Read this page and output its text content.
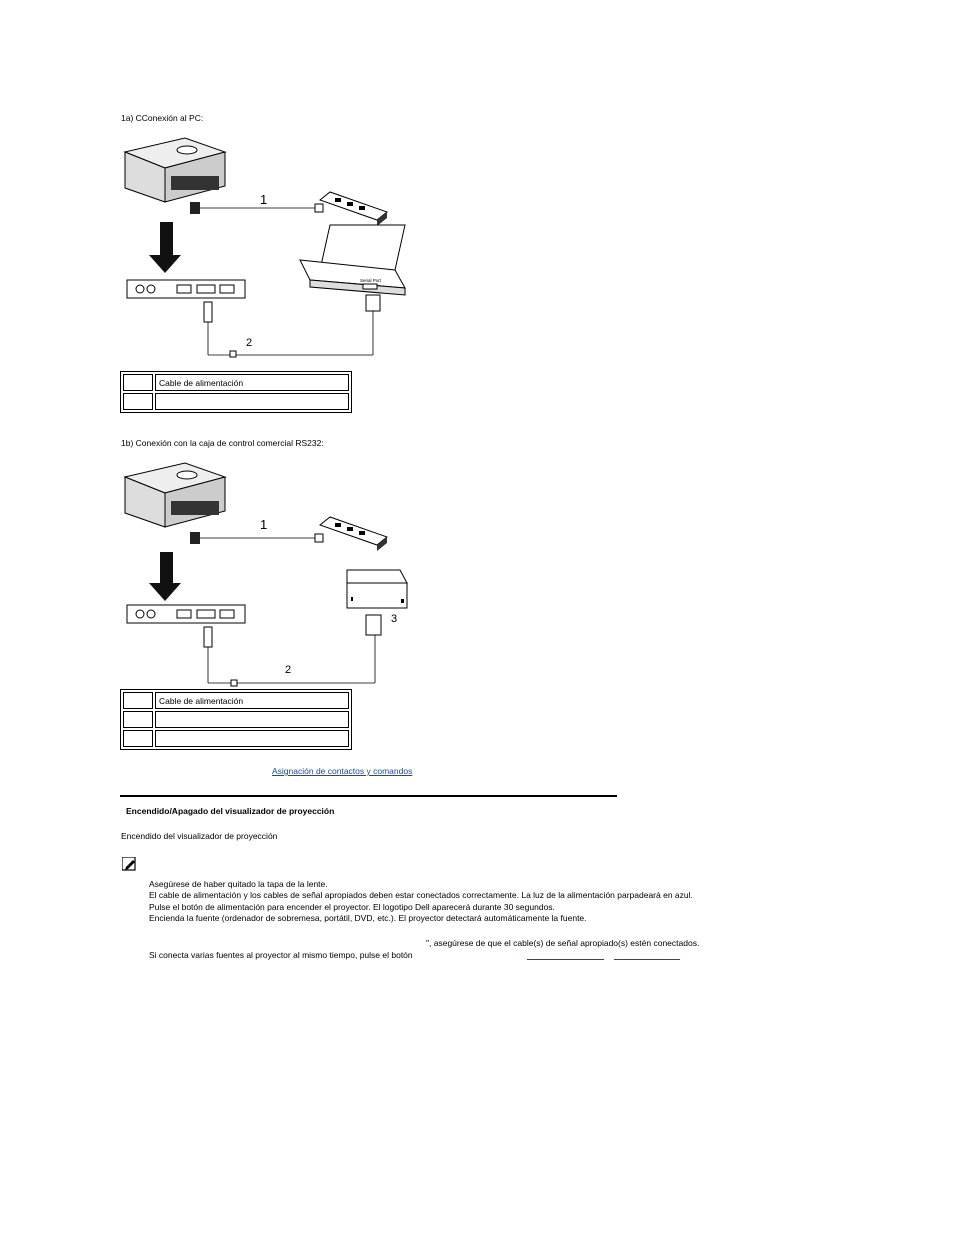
1a) CConexión al PC:
1
Serial Port
2
	Cable de alimentación

1b) Conexión con la caja de control comercial RS232:
1
2
3
	Cable de alimentación

Asignación de contactos y comandos
Encendido/Apagado del visualizador de proyección
Encendido del visualizador de proyección
Asegúrese de haber quitado la tapa de la lente.
El cable de alimentación y los cables de señal apropiados deben estar conectados correctamente. La luz de la alimentación parpadeará en azul.
Pulse el botón de alimentación para encender el proyector. El logotipo Dell aparecerá durante 30 segundos.
Encienda la fuente (ordenador de sobremesa, portátil, DVD, etc.). El proyector detectará automáticamente la fuente.
", asegúrese de que el cable(s) de señal apropiado(s) estén conectados.
Si conecta varias fuentes al proyector al mismo tiempo, pulse el botón
